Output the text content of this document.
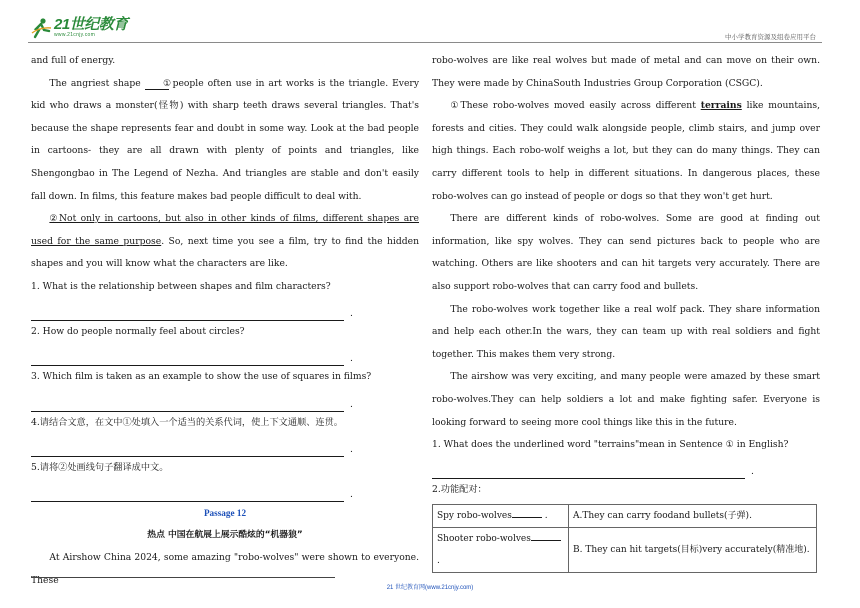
21世纪教育
www.21cnjy.com	中小学教育资源及组卷应用平台

and full of energy.

The angriest shape ① people often use in art works is the triangle. Every kid who draws a monster(怪物) with sharp teeth draws several triangles. That's because the shape represents fear and doubt in some way. Look at the bad people in cartoons- they are all drawn with plenty of points and triangles, like Shengongbao in The Legend of Nezha. And triangles are stable and don't easily fall down. In films, this feature makes bad people difficult to deal with.

②Not only in cartoons, but also in other kinds of films, different shapes are used for the same purpose. So, next time you see a film, try to find the hidden shapes and you will know what the characters are like.

1. What is the relationship between shapes and film characters?

.

2. How do people normally feel about circles?

.

3. Which film is taken as an example to show the use of squares in films?

.

4.请结合文意，在文中①处填入一个适当的关系代词，使上下文通顺、连贯。

.

5.请将②处画线句子翻译成中文。

.

Passage 12

热点 中国在航展上展示酷炫的“机器狼”

At Airshow China 2024, some amazing "robo-wolves" were shown to everyone. These

robo-wolves are like real wolves but made of metal and can move on their own. They were made by ChinaSouth Industries Group Corporation (CSGC).

①These robo-wolves moved easily across different terrains like mountains, forests and cities. They could walk alongside people, climb stairs, and jump over high things. Each robo-wolf weighs a lot, but they can do many things. They can carry different tools to help in different situations. In dangerous places, these robo-wolves can go instead of people or dogs so that they won't get hurt.

There are different kinds of robo-wolves. Some are good at finding out information, like spy wolves. They can send pictures back to people who are watching. Others are like shooters and can hit targets very accurately. There are also support robo-wolves that can carry food and bullets.

The robo-wolves work together like a real wolf pack. They share information and help each other.In the wars, they can team up with real soldiers and fight together. This makes them very strong.

The airshow was very exciting, and many people were amazed by these smart robo-wolves.They can help soldiers a lot and make fighting safer. Everyone is looking forward to seeing more cool things like this in the future.

1. What does the underlined word "terrains"mean in Sentence ① in English?

.

2.功能配对：

Spy robo-wolves .	A.They can carry foodand bullets(子弹).
Shooter robo-wolves .	B. They can hit targets(目标)very accurately(精准地).
21 世纪教育网(www.21cnjy.com)
